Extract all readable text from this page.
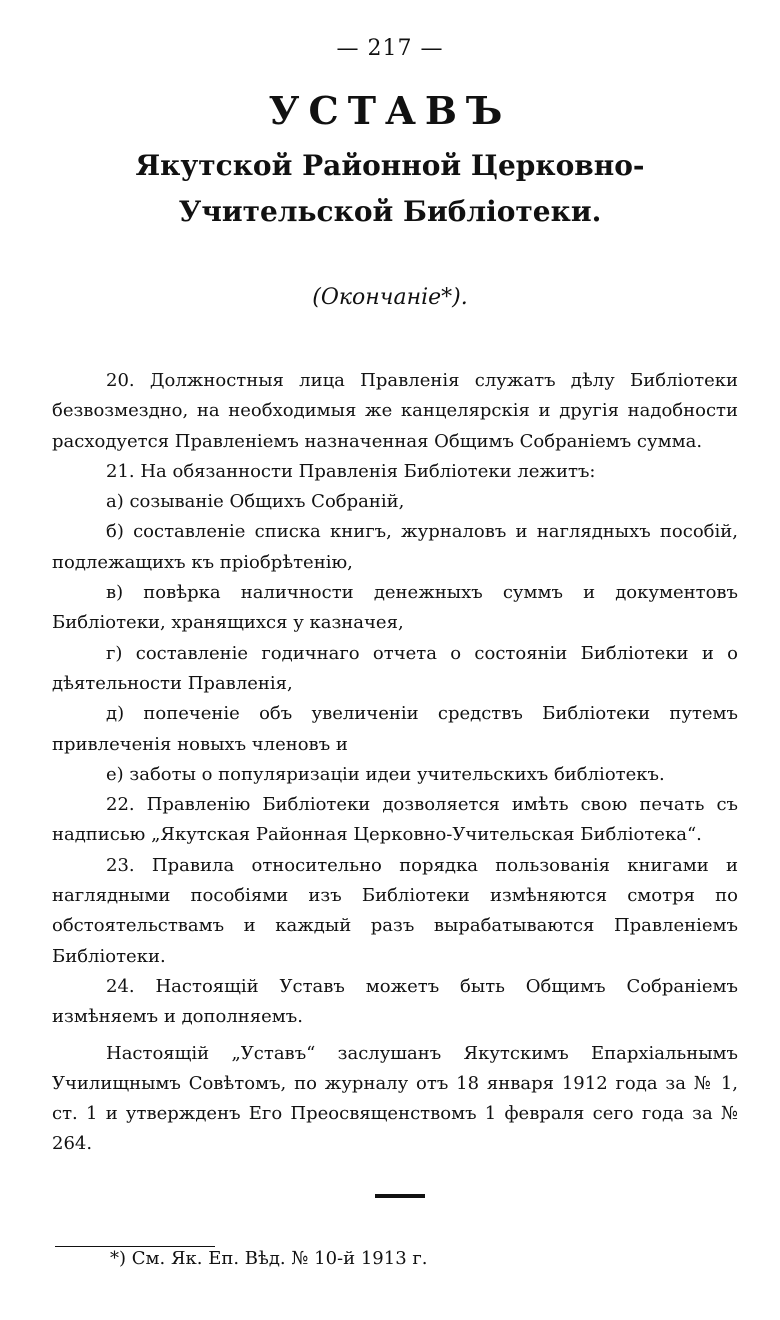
— 217 —
УСТАВЪ
Якутской Районной Церковно-Учительской Библіотеки.
(Окончаніе*).

20. Должностныя лица Правленія служатъ дѣлу Библіотеки безвозмездно, на необходимыя же канцелярскія и другія надобности расходуется Правленіемъ назначенная Общимъ Собраніемъ сумма.

21. На обязанности Правленія Библіотеки лежитъ:

а) созываніе Общихъ Собраній,

б) составленіе списка книгъ, журналовъ и наглядныхъ пособій, подлежащихъ къ пріобрѣтенію,

в) повѣрка наличности денежныхъ суммъ и документовъ Библіотеки, хранящихся у казначея,

г) составленіе годичнаго отчета о состояніи Библіотеки и о дѣятельности Правленія,

д) попеченіе объ увеличеніи средствъ Библіотеки путемъ привлеченія новыхъ членовъ и

е) заботы о популяризаціи идеи учительскихъ библіотекъ.

22. Правленію Библіотеки дозволяется имѣть свою печать съ надписью „Якутская Районная Церковно-Учительская Библіотека“.

23. Правила относительно порядка пользованія книгами и наглядными пособіями изъ Библіотеки измѣняются смотря по обстоятельствамъ и каждый разъ вырабатываются Правленіемъ Библіотеки.

24. Настоящій Уставъ можетъ быть Общимъ Собраніемъ измѣняемъ и дополняемъ.

Настоящій „Уставъ“ заслушанъ Якутскимъ Епархіальнымъ Училищнымъ Совѣтомъ, по журналу отъ 18 января 1912 года за № 1, ст. 1 и утвержденъ Его Преосвященствомъ 1 февраля сего года за № 264.

*) См. Як. Еп. Вѣд. № 10-й 1913 г.
